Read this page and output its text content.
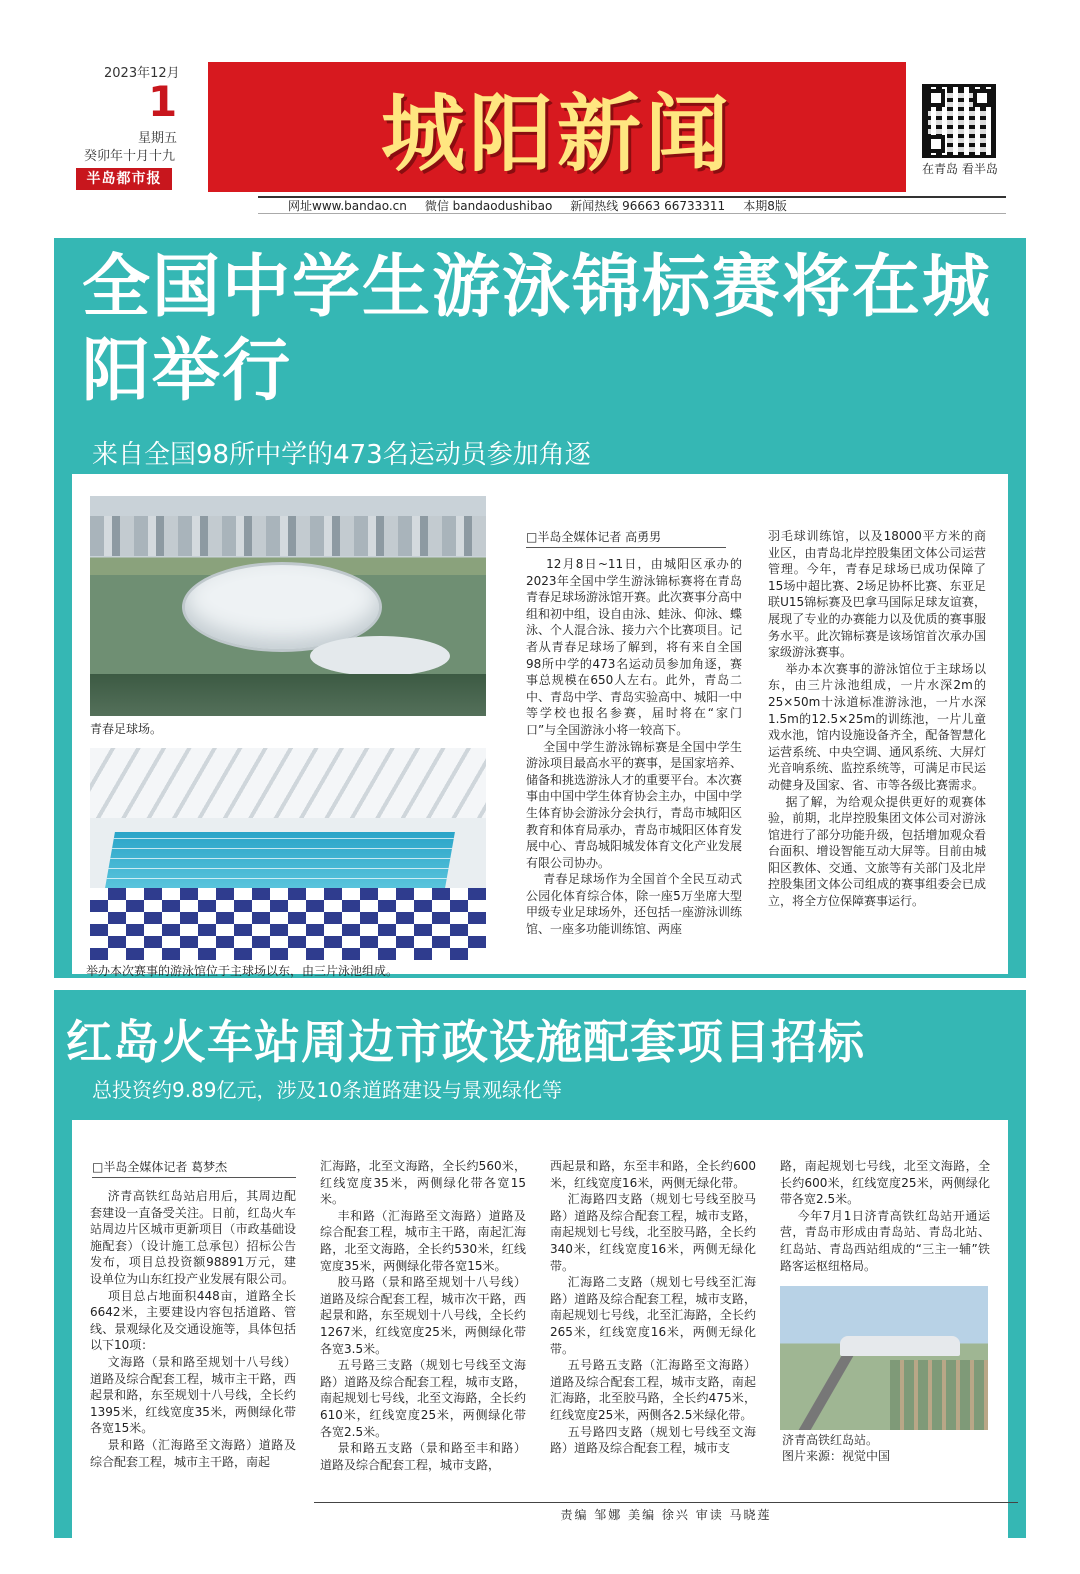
2023年12月
1
星期五
癸卯年十月十九
半岛都市报	城阳新闻	在青岛 看半岛
网址www.bandao.cn 微信 bandaodushibao 新闻热线 96663 66733311 本期8版
全国中学生游泳锦标赛将在城阳举行
来自全国98所中学的473名运动员参加角逐
青春足球场。
举办本次赛事的游泳馆位于主球场以东，由三片泳池组成。
□半岛全媒体记者 高勇男
12月8日~11日，由城阳区承办的2023年全国中学生游泳锦标赛将在青岛青春足球场游泳馆开赛。此次赛事分高中组和初中组，设自由泳、蛙泳、仰泳、蝶泳、个人混合泳、接力六个比赛项目。记者从青春足球场了解到，将有来自全国98所中学的473名运动员参加角逐，赛事总规模在650人左右。此外，青岛二中、青岛中学、青岛实验高中、城阳一中等学校也报名参赛，届时将在“家门口”与全国游泳小将一较高下。
全国中学生游泳锦标赛是全国中学生游泳项目最高水平的赛事，是国家培养、储备和挑选游泳人才的重要平台。本次赛事由中国中学生体育协会主办，中国中学生体育协会游泳分会执行，青岛市城阳区教育和体育局承办，青岛市城阳区体育发展中心、青岛城阳城发体育文化产业发展有限公司协办。
青春足球场作为全国首个全民互动式公园化体育综合体，除一座5万坐席大型甲级专业足球场外，还包括一座游泳训练馆、一座多功能训练馆、两座
羽毛球训练馆，以及18000平方米的商业区，由青岛北岸控股集团文体公司运营管理。今年，青春足球场已成功保障了15场中超比赛、2场足协杯比赛、东亚足联U15锦标赛及巴拿马国际足球友谊赛，展现了专业的办赛能力以及优质的赛事服务水平。此次锦标赛是该场馆首次承办国家级游泳赛事。
举办本次赛事的游泳馆位于主球场以东，由三片泳池组成，一片水深2m的25×50m十泳道标准游泳池，一片水深1.5m的12.5×25m的训练池，一片儿童戏水池，馆内设施设备齐全，配备智慧化运营系统、中央空调、通风系统、大屏灯光音响系统、监控系统等，可满足市民运动健身及国家、省、市等各级比赛需求。
据了解，为给观众提供更好的观赛体验，前期，北岸控股集团文体公司对游泳馆进行了部分功能升级，包括增加观众看台面积、增设智能互动大屏等。目前由城阳区教体、交通、文旅等有关部门及北岸控股集团文体公司组成的赛事组委会已成立，将全方位保障赛事运行。
红岛火车站周边市政设施配套项目招标
总投资约9.89亿元，涉及10条道路建设与景观绿化等
□半岛全媒体记者 葛梦杰
济青高铁红岛站启用后，其周边配套建设一直备受关注。日前，红岛火车站周边片区城市更新项目（市政基础设施配套）（设计施工总承包）招标公告发布，项目总投资额98891万元，建设单位为山东红投产业发展有限公司。
项目总占地面积448亩，道路全长6642米，主要建设内容包括道路、管线、景观绿化及交通设施等，具体包括以下10项：
文海路（景和路至规划十八号线）道路及综合配套工程，城市主干路，西起景和路，东至规划十八号线，全长约1395米，红线宽度35米，两侧绿化带各宽15米。
景和路（汇海路至文海路）道路及综合配套工程，城市主干路，南起
汇海路，北至文海路，全长约560米，红线宽度35米，两侧绿化带各宽15米。
丰和路（汇海路至文海路）道路及综合配套工程，城市主干路，南起汇海路，北至文海路，全长约530米，红线宽度35米，两侧绿化带各宽15米。
胶马路（景和路至规划十八号线）道路及综合配套工程，城市次干路，西起景和路，东至规划十八号线，全长约1267米，红线宽度25米，两侧绿化带各宽3.5米。
五号路三支路（规划七号线至文海路）道路及综合配套工程，城市支路，南起规划七号线，北至文海路，全长约610米，红线宽度25米，两侧绿化带各宽2.5米。
景和路五支路（景和路至丰和路）道路及综合配套工程，城市支路，
西起景和路，东至丰和路，全长约600米，红线宽度16米，两侧无绿化带。
汇海路四支路（规划七号线至胶马路）道路及综合配套工程，城市支路，南起规划七号线，北至胶马路，全长约340米，红线宽度16米，两侧无绿化带。
汇海路二支路（规划七号线至汇海路）道路及综合配套工程，城市支路，南起规划七号线，北至汇海路，全长约265米，红线宽度16米，两侧无绿化带。
五号路五支路（汇海路至文海路）道路及综合配套工程，城市支路，南起汇海路，北至胶马路，全长约475米，红线宽度25米，两侧各2.5米绿化带。
五号路四支路（规划七号线至文海路）道路及综合配套工程，城市支
路，南起规划七号线，北至文海路，全长约600米，红线宽度25米，两侧绿化带各宽2.5米。
今年7月1日济青高铁红岛站开通运营，青岛市形成由青岛站、青岛北站、红岛站、青岛西站组成的“三主一辅”铁路客运枢纽格局。
济青高铁红岛站。
图片来源：视觉中国
责编 邹娜 美编 徐兴 审读 马晓莲
